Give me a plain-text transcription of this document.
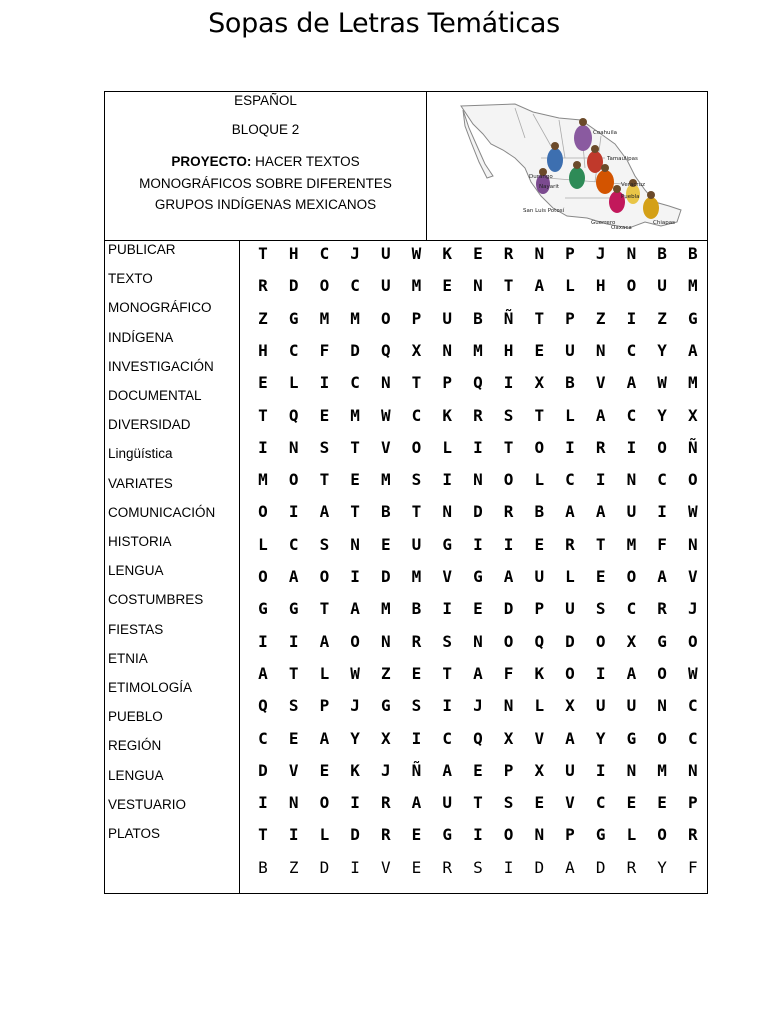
Sopas de Letras Temáticas
ESPAÑOL
BLOQUE 2
PROYECTO: HACER TEXTOS
MONOGRÁFICOS SOBRE DIFERENTES
GRUPOS INDÍGENAS MEXICANOS
Coahuila
Tamaulipas
Durango
Nayarit	Veracruz
Puebla
San Luis Potosí
Guerrero
Oaxaca
Chiapas
PUBLICAR
TEXTO
MONOGRÁFICO
INDÍGENA
INVESTIGACIÓN
DOCUMENTAL
DIVERSIDAD
Lingüística
VARIATES
COMUNICACIÓN
HISTORIA
LENGUA
COSTUMBRES
FIESTAS
ETNIA
ETIMOLOGÍA
PUEBLO
REGIÓN
LENGUA
VESTUARIO
PLATOS
T	H	C	J	U	W	K	E	R	N	P	J	N	B	B
R	D	O	C	U	M	E	N	T	A	L	H	O	U	M
Z	G	M	M	O	P	U	B	Ñ	T	P	Z	I	Z	G
H	C	F	D	Q	X	N	M	H	E	U	N	C	Y	A
E	L	I	C	N	T	P	Q	I	X	B	V	A	W	M
T	Q	E	M	W	C	K	R	S	T	L	A	C	Y	X
I	N	S	T	V	O	L	I	T	O	I	R	I	O	Ñ
M	O	T	E	M	S	I	N	O	L	C	I	N	C	O
O	I	A	T	B	T	N	D	R	B	A	A	U	I	W
L	C	S	N	E	U	G	I	I	E	R	T	M	F	N
O	A	O	I	D	M	V	G	A	U	L	E	O	A	V
G	G	T	A	M	B	I	E	D	P	U	S	C	R	J
I	I	A	O	N	R	S	N	O	Q	D	O	X	G	O
A	T	L	W	Z	E	T	A	F	K	O	I	A	O	W
Q	S	P	J	G	S	I	J	N	L	X	U	U	N	C
C	E	A	Y	X	I	C	Q	X	V	A	Y	G	O	C
D	V	E	K	J	Ñ	A	E	P	X	U	I	N	M	N
I	N	O	I	R	A	U	T	S	E	V	C	E	E	P
T	I	L	D	R	E	G	I	O	N	P	G	L	O	R
B	Z	D	I	V	E	R	S	I	D	A	D	R	Y	F
